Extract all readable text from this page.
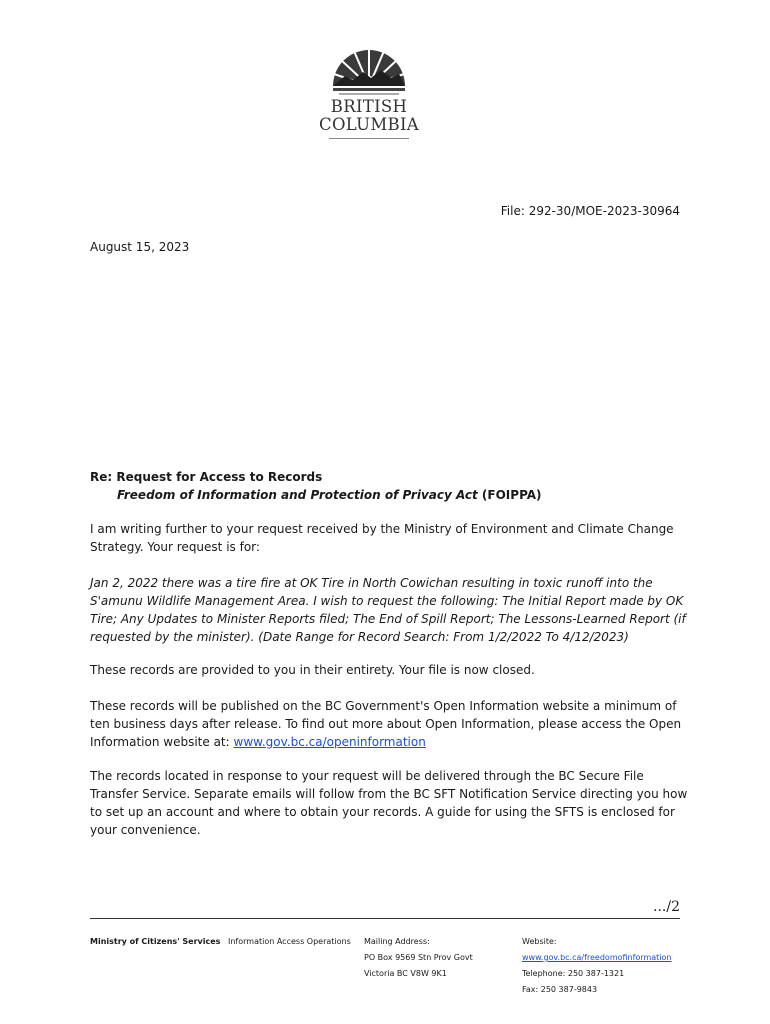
BRITISH
COLUMBIA
File: 292-30/MOE-2023-30964
August 15, 2023
Re: Request for Access to Records
Freedom of Information and Protection of Privacy Act (FOIPPA)
I am writing further to your request received by the Ministry of Environment and Climate Change Strategy. Your request is for:
Jan 2, 2022 there was a tire fire at OK Tire in North Cowichan resulting in toxic runoff into the S'amunu Wildlife Management Area. I wish to request the following: The Initial Report made by OK Tire; Any Updates to Minister Reports filed; The End of Spill Report; The Lessons-Learned Report (if requested by the minister). (Date Range for Record Search: From 1/2/2022 To 4/12/2023)
These records are provided to you in their entirety. Your file is now closed.
These records will be published on the BC Government's Open Information website a minimum of ten business days after release. To find out more about Open Information, please access the Open Information website at: www.gov.bc.ca/openinformation
The records located in response to your request will be delivered through the BC Secure File Transfer Service. Separate emails will follow from the BC SFT Notification Service directing you how to set up an account and where to obtain your records. A guide for using the SFTS is enclosed for your convenience.
.../2
Ministry of Citizens' Services Information Access Operations Mailing Address:
PO Box 9569 Stn Prov Govt
Victoria BC V8W 9K1
Website:
www.gov.bc.ca/freedomofinformation
Telephone: 250 387-1321
Fax: 250 387-9843
